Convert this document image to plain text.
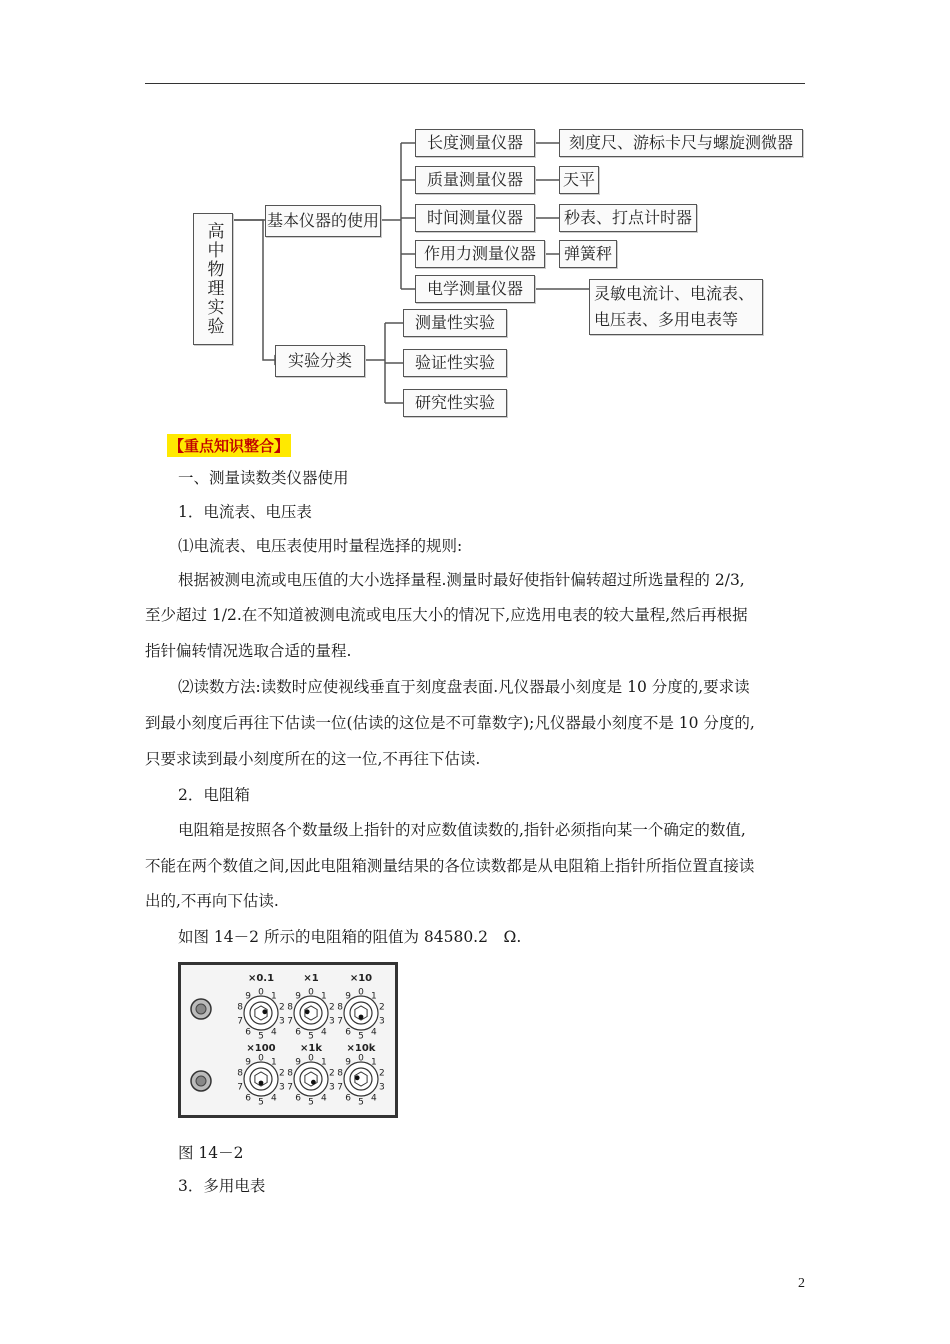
高中物理实验
基本仪器的使用
实验分类
长度测量仪器
质量测量仪器
时间测量仪器
作用力测量仪器
电学测量仪器
刻度尺、游标卡尺与螺旋测微器
天平
秒表、打点计时器
弹簧秤
灵敏电流计、电流表、电压表、多用电表等
测量性实验
验证性实验
研究性实验
【重点知识整合】
一、测量读数类仪器使用
1．电流表、电压表
⑴电流表、电压表使用时量程选择的规则:
根据被测电流或电压值的大小选择量程.测量时最好使指针偏转超过所选量程的 2/3,
至少超过 1/2.在不知道被测电流或电压大小的情况下,应选用电表的较大量程,然后再根据
指针偏转情况选取合适的量程.
⑵读数方法:读数时应使视线垂直于刻度盘表面.凡仪器最小刻度是 10 分度的,要求读
到最小刻度后再往下估读一位(估读的这位是不可靠数字);凡仪器最小刻度不是 10 分度的,
只要求读到最小刻度所在的这一位,不再往下估读.
2．电阻箱
电阻箱是按照各个数量级上指针的对应数值读数的,指针必须指向某一个确定的数值,
不能在两个数值之间,因此电阻箱测量结果的各位读数都是从电阻箱上指针所指位置直接读
出的,不再向下估读.
如图 14－2 所示的电阻箱的阻值为 84580.2　Ω.
×0.1
0 1
2
3
4
5
6
7
8
9
×1
0 1
2
3
4
5
6
7
8
9
×10
0 1
2
3
4
5
6
7
8
9
×100
0 1
2
3
4
5
6
7
8
9
×1k
0 1
2
3
4
5
6
7
8
9
×10k
0 1
2
3
4
5
6
7
8
9
图 14－2
3．多用电表
2
